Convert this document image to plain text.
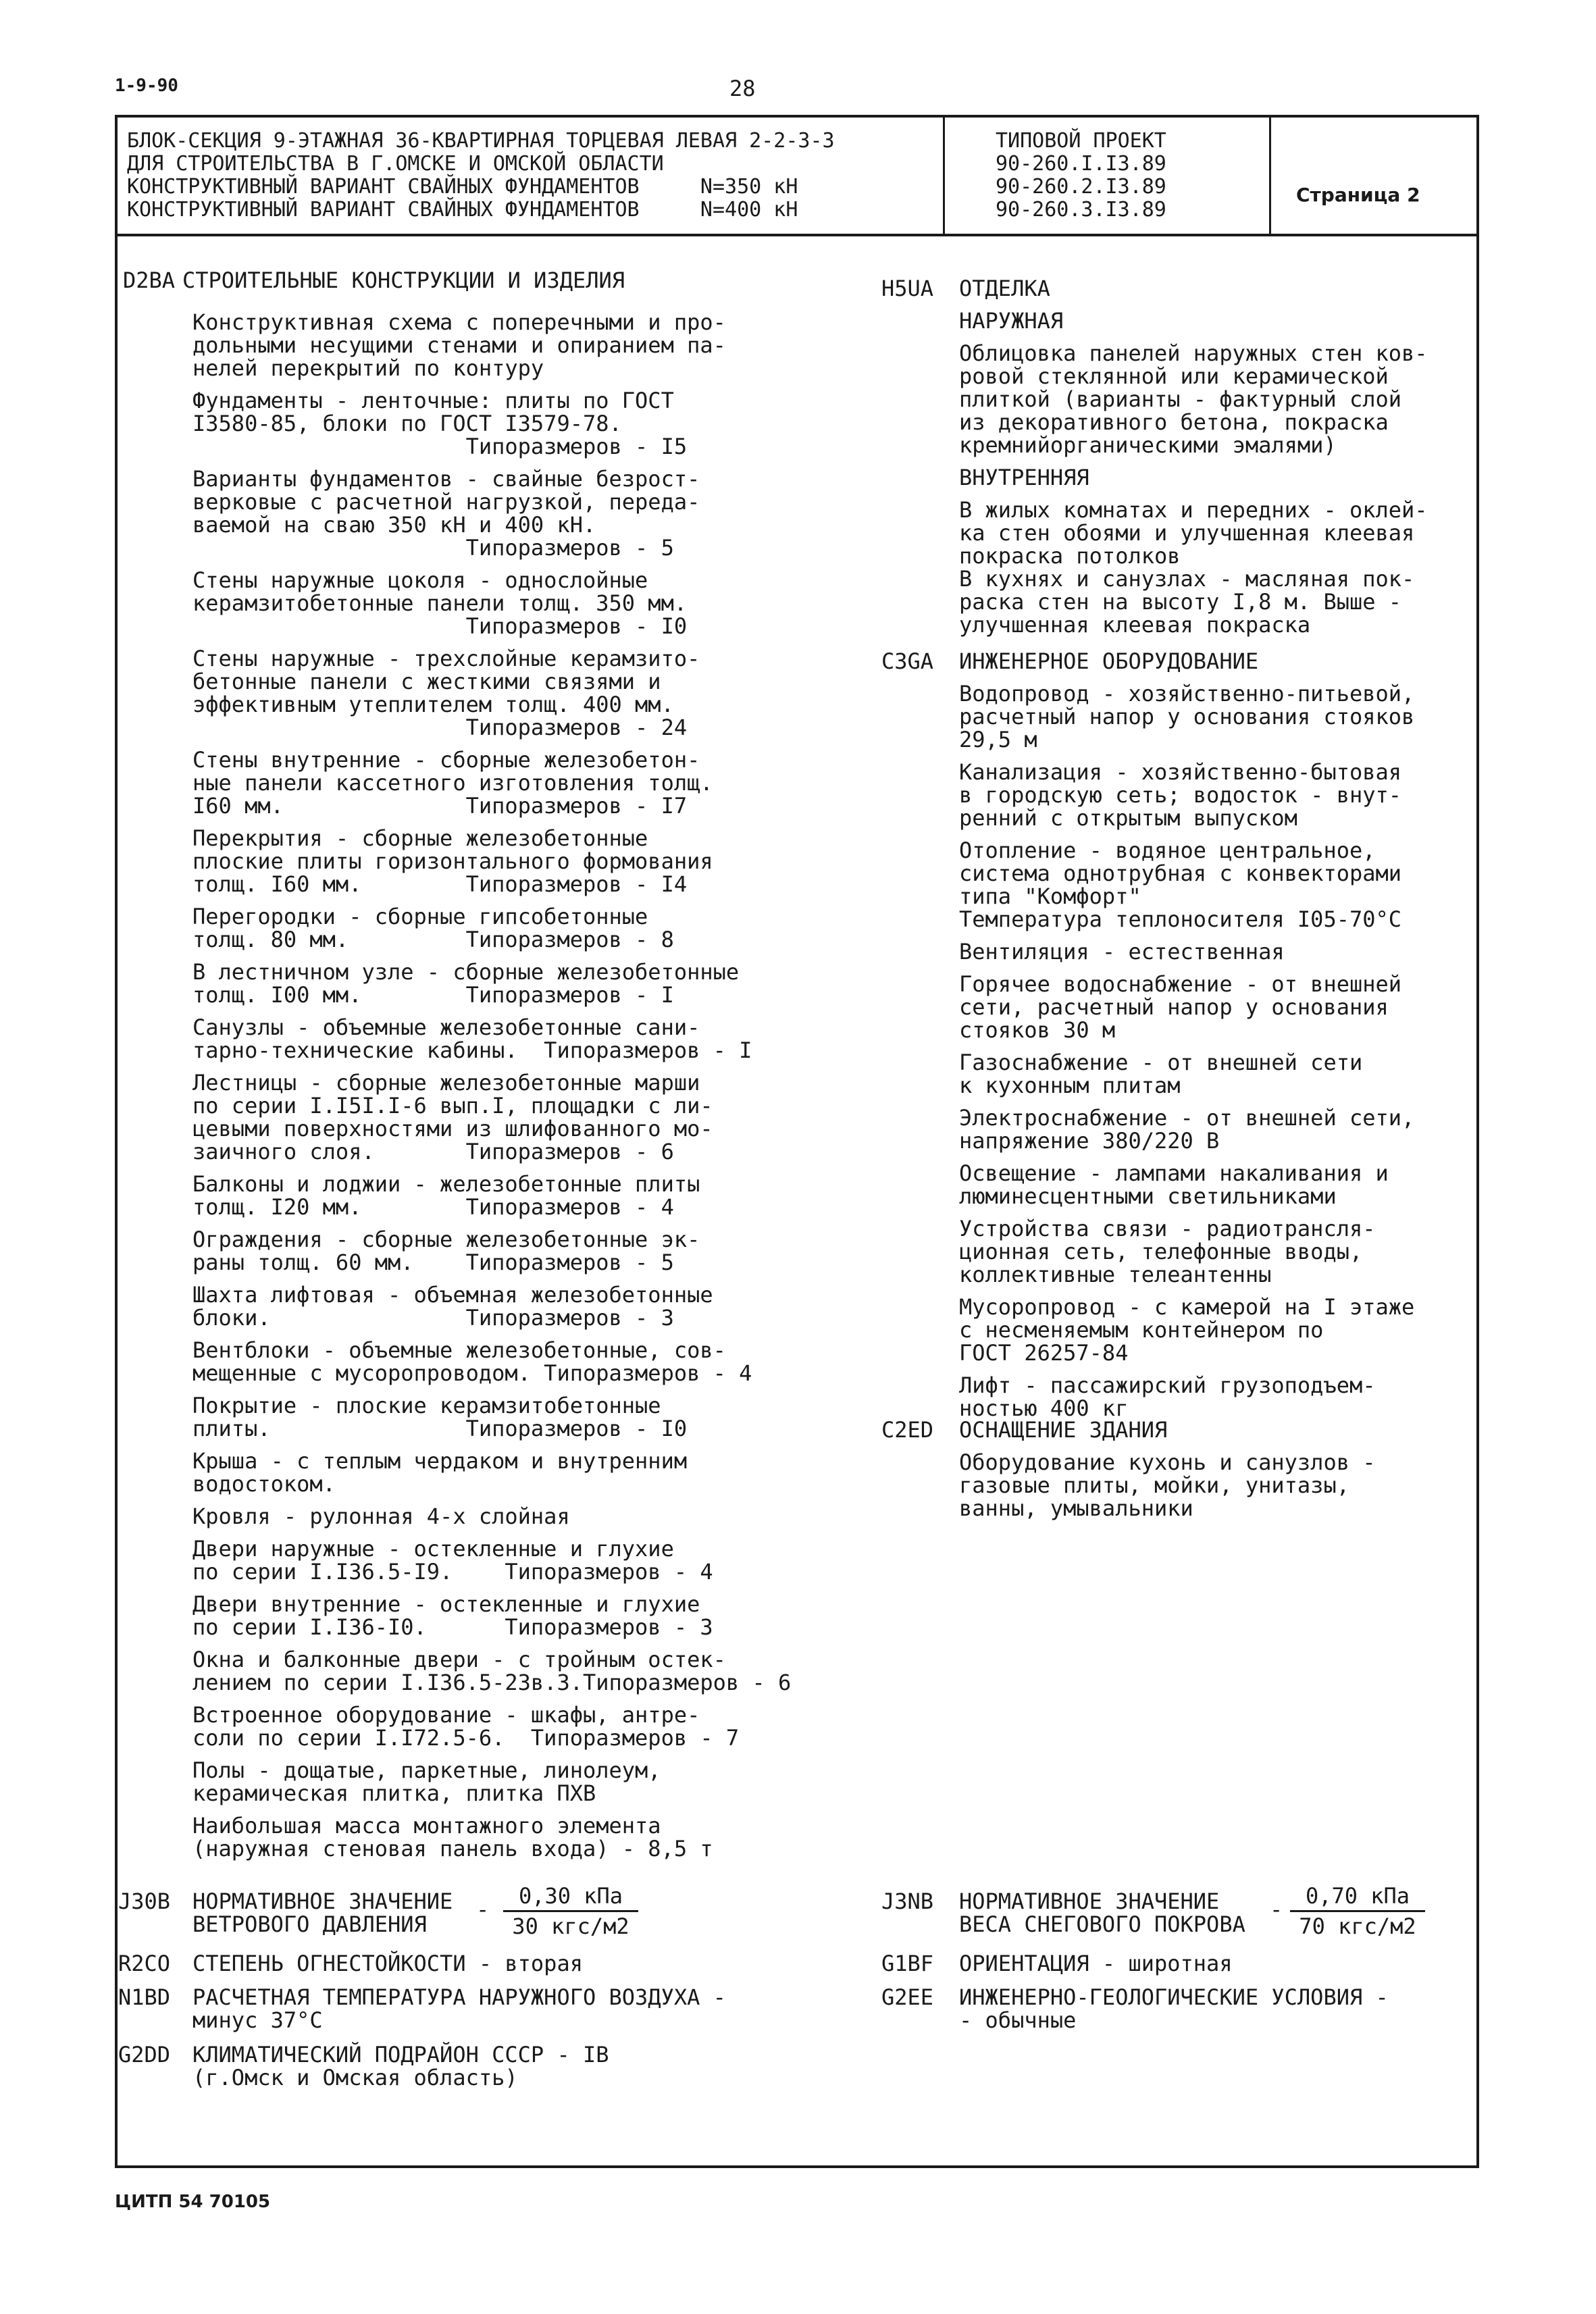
1-9-90	28
БЛОК-СЕКЦИЯ 9-ЭТАЖНАЯ 36-КВАРТИРНАЯ ТОРЦЕВАЯ ЛЕВАЯ 2-2-3-3
ДЛЯ СТРОИТЕЛЬСТВА В Г.ОМСКЕ И ОМСКОЙ ОБЛАСТИ
КОНСТРУКТИВНЫЙ ВАРИАНТ СВАЙНЫХ ФУНДАМЕНТОВ     N=350 кН
КОНСТРУКТИВНЫЙ ВАРИАНТ СВАЙНЫХ ФУНДАМЕНТОВ     N=400 кН
ТИПОВОЙ ПРОЕКТ
90-260.I.I3.89
90-260.2.I3.89
90-260.3.I3.89
Страница 2
D2BA СТРОИТЕЛЬНЫЕ КОНСТРУКЦИИ И ИЗДЕЛИЯ

Конструктивная схема с поперечными и про-
дольными несущими стенами и опиранием па-
нелей перекрытий по контуру

Фундаменты - ленточные: плиты по ГОСТ
I3580-85, блоки по ГОСТ I3579-78.
Типоразмеров - I5

Варианты фундаментов - свайные безрост-
верковые с расчетной нагрузкой, переда-
ваемой на сваю 350 кН и 400 кН.
Типоразмеров - 5

Стены наружные цоколя - однослойные
керамзитобетонные панели толщ. 350 мм.
Типоразмеров - I0

Стены наружные - трехслойные керамзито-
бетонные панели с жесткими связями и
эффективным утеплителем толщ. 400 мм.
Типоразмеров - 24

Стены внутренние - сборные железобетон-
ные панели кассетного изготовления толщ.
I60 мм.              Типоразмеров - I7

Перекрытия - сборные железобетонные
плоские плиты горизонтального формования
толщ. I60 мм.        Типоразмеров - I4

Перегородки - сборные гипсобетонные
толщ. 80 мм.         Типоразмеров - 8

В лестничном узле - сборные железобетонные
толщ. I00 мм.        Типоразмеров - I

Санузлы - объемные железобетонные сани-
тарно-технические кабины.  Типоразмеров - I

Лестницы - сборные железобетонные марши
по серии I.I5I.I-6 вып.I, площадки с ли-
цевыми поверхностями из шлифованного мо-
заичного слоя.       Типоразмеров - 6

Балконы и лоджии - железобетонные плиты
толщ. I20 мм.        Типоразмеров - 4

Ограждения - сборные железобетонные эк-
раны толщ. 60 мм.    Типоразмеров - 5

Шахта лифтовая - объемная железобетонные
блоки.               Типоразмеров - 3

Вентблоки - объемные железобетонные, сов-
мещенные с мусоропроводом. Типоразмеров - 4

Покрытие - плоские керамзитобетонные
плиты.               Типоразмеров - I0

Крыша - с теплым чердаком и внутренним
водостоком.

Кровля - рулонная 4-х слойная

Двери наружные - остекленные и глухие
по серии I.I36.5-I9.    Типоразмеров - 4

Двери внутренние - остекленные и глухие
по серии I.I36-I0.      Типоразмеров - 3

Окна и балконные двери - с тройным остек-
лением по серии I.I36.5-23в.3.Типоразмеров - 6

Встроенное оборудование - шкафы, антре-
соли по серии I.I72.5-6.  Типоразмеров - 7

Полы - дощатые, паркетные, линолеум,
керамическая плитка, плитка ПХВ

Наибольшая масса монтажного элемента
(наружная стеновая панель входа) - 8,5 т

H5UA ОТДЕЛКА

НАРУЖНАЯ

Облицовка панелей наружных стен ков-
ровой стеклянной или керамической
плиткой (варианты - фактурный слой
из декоративного бетона, покраска
кремнийорганическими эмалями)

ВНУТРЕННЯЯ

В жилых комнатах и передних - оклей-
ка стен обоями и улучшенная клеевая
покраска потолков
В кухнях и санузлах - масляная пок-
раска стен на высоту I,8 м. Выше -
улучшенная клеевая покраска

C3GA ИНЖЕНЕРНОЕ ОБОРУДОВАНИЕ

Водопровод - хозяйственно-питьевой,
расчетный напор у основания стояков
29,5 м

Канализация - хозяйственно-бытовая
в городскую сеть; водосток - внут-
ренний с открытым выпуском

Отопление - водяное центральное,
система однотрубная с конвекторами
типа "Комфорт"
Температура теплоносителя I05-70°С

Вентиляция - естественная

Горячее водоснабжение - от внешней
сети, расчетный напор у основания
стояков 30 м

Газоснабжение - от внешней сети
к кухонным плитам

Электроснабжение - от внешней сети,
напряжение 380/220 В

Освещение - лампами накаливания и
люминесцентными светильниками

Устройства связи - радиотрансля-
ционная сеть, телефонные вводы,
коллективные телеантенны

Мусоропровод - с камерой на I этаже
с несменяемым контейнером по
ГОСТ 26257-84

Лифт - пассажирский грузоподъем-
ностью 400 кг

C2ED ОСНАЩЕНИЕ ЗДАНИЯ
Оборудование кухонь и санузлов -
газовые плиты, мойки, унитазы,
ванны, умывальники
J30B НОРМАТИВНОЕ ЗНАЧЕНИЕ
ВЕТРОВОГО ДАВЛЕНИЯ
-
0,30 кПа
30 кгс/м2
R2CO СТЕПЕНЬ ОГНЕСТОЙКОСТИ - вторая
N1BD РАСЧЕТНАЯ ТЕМПЕРАТУРА НАРУЖНОГО ВОЗДУХА -
минус 37°С
G2DD КЛИМАТИЧЕСКИЙ ПОДРАЙОН СССР - IB
(г.Омск и Омская область)
J3NB НОРМАТИВНОЕ ЗНАЧЕНИЕ
ВЕСА СНЕГОВОГО ПОКРОВА
-
0,70 кПа
70 кгс/м2
G1BF ОРИЕНТАЦИЯ - широтная
G2EE ИНЖЕНЕРНО-ГЕОЛОГИЧЕСКИЕ УСЛОВИЯ -
- обычные
ЦИТП 54 70105
